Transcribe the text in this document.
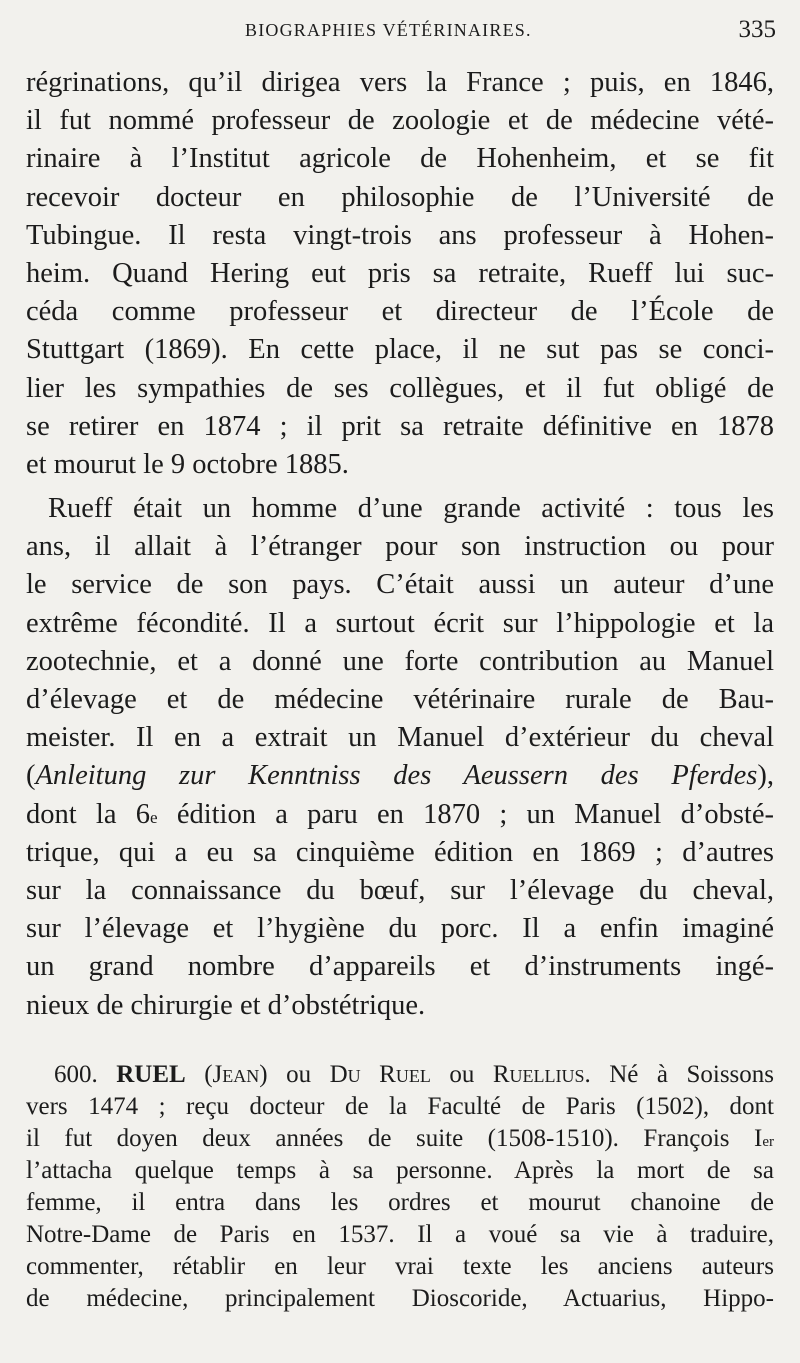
BIOGRAPHIES VÉTÉRINAIRES.	335
régrinations, qu’il dirigea vers la France ; puis, en 1846,
il fut nommé professeur de zoologie et de médecine vété-
rinaire à l’Institut agricole de Hohenheim, et se fit
recevoir docteur en philosophie de l’Université de
Tubingue. Il resta vingt-trois ans professeur à Hohen-
heim. Quand Hering eut pris sa retraite, Rueff lui suc-
céda comme professeur et directeur de l’École de
Stuttgart (1869). En cette place, il ne sut pas se conci-
lier les sympathies de ses collègues, et il fut obligé de
se retirer en 1874 ; il prit sa retraite définitive en 1878
et mourut le 9 octobre 1885.
Rueff était un homme d’une grande activité : tous les
ans, il allait à l’étranger pour son instruction ou pour
le service de son pays. C’était aussi un auteur d’une
extrême fécondité. Il a surtout écrit sur l’hippologie et la
zootechnie, et a donné une forte contribution au Manuel
d’élevage et de médecine vétérinaire rurale de Bau-
meister. Il en a extrait un Manuel d’extérieur du cheval
(Anleitung zur Kenntniss des Aeussern des Pferdes),
dont la 6e édition a paru en 1870 ; un Manuel d’obsté-
trique, qui a eu sa cinquième édition en 1869 ; d’autres
sur la connaissance du bœuf, sur l’élevage du cheval,
sur l’élevage et l’hygiène du porc. Il a enfin imaginé
un grand nombre d’appareils et d’instruments ingé-
nieux de chirurgie et d’obstétrique.
600. RUEL (Jean) ou Du Ruel ou Ruellius. Né à Soissons
vers 1474 ; reçu docteur de la Faculté de Paris (1502), dont
il fut doyen deux années de suite (1508-1510). François Ier
l’attacha quelque temps à sa personne. Après la mort de sa
femme, il entra dans les ordres et mourut chanoine de
Notre-Dame de Paris en 1537. Il a voué sa vie à traduire,
commenter, rétablir en leur vrai texte les anciens auteurs
de médecine, principalement Dioscoride, Actuarius, Hippo-
